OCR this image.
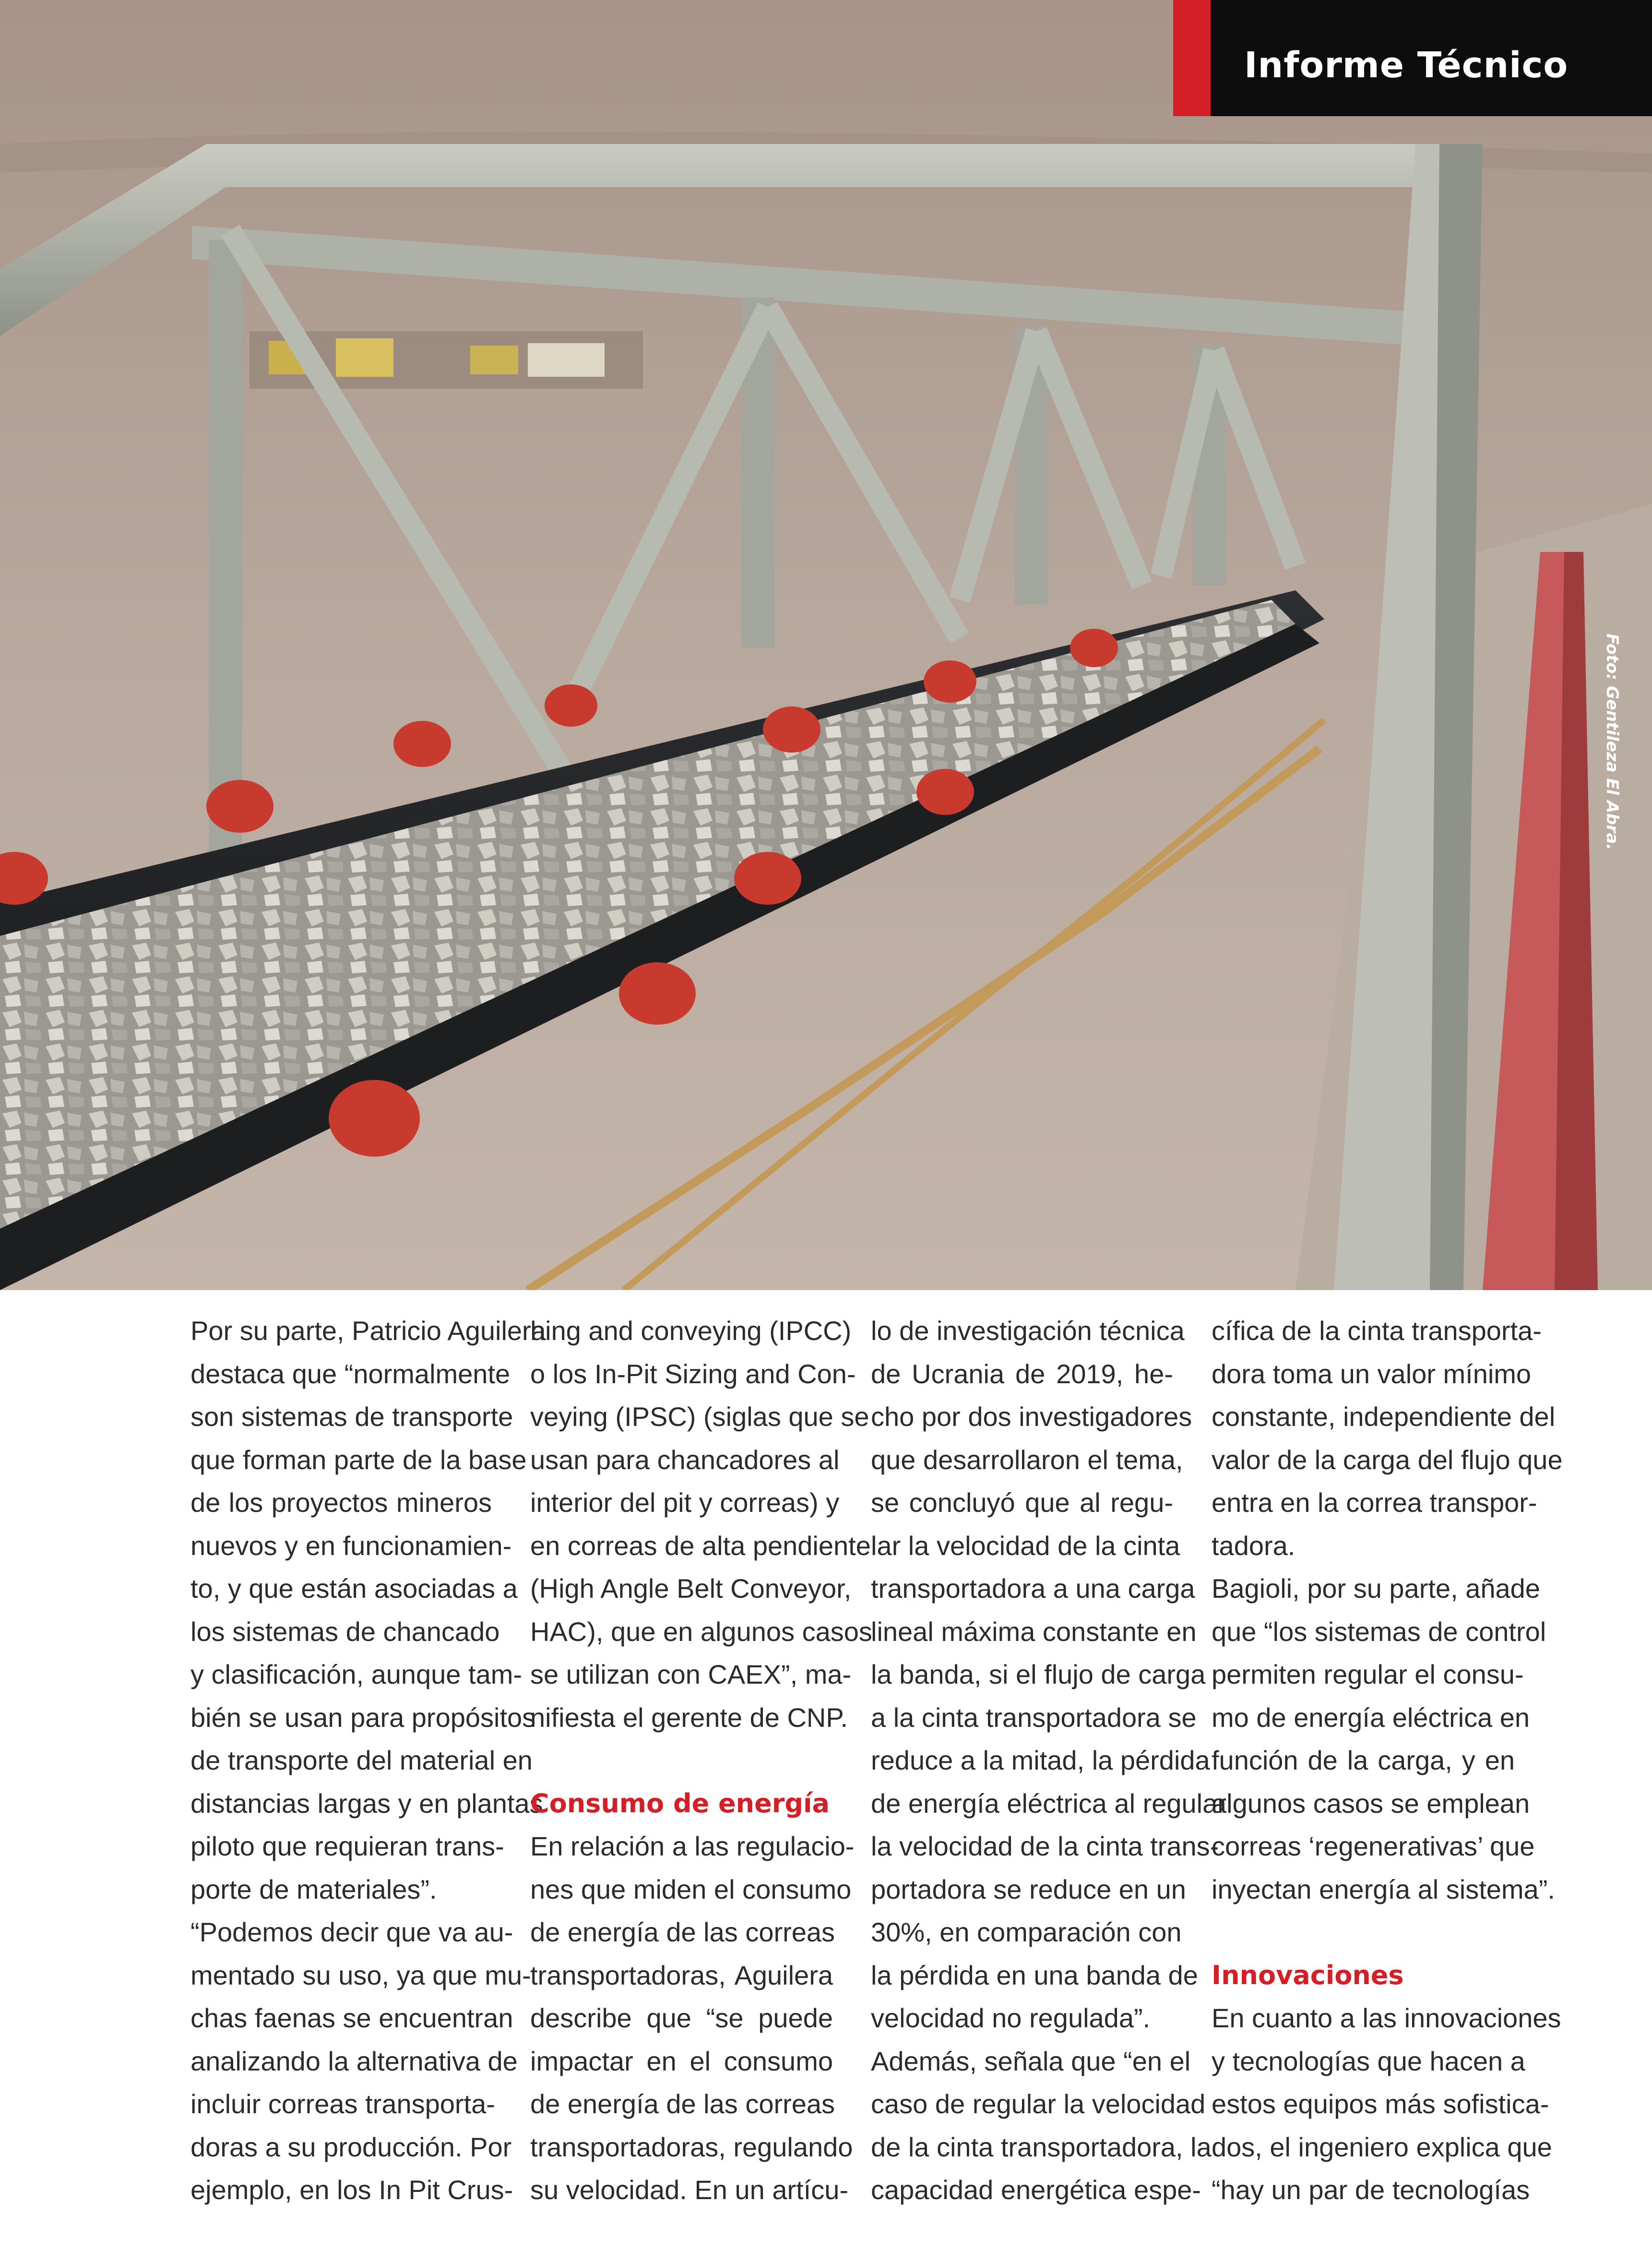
Informe Técnico
Foto: Gentileza El Abra.

Por su parte, Patricio Aguilera

destaca que “normalmente

son sistemas de transporte

que forman parte de la base

de los proyectos mineros

nuevos y en funcionamien-

to, y que están asociadas a

los sistemas de chancado

y clasificación, aunque tam-

bién se usan para propósitos

de transporte del material en

distancias largas y en plantas

piloto que requieran trans-

porte de materiales”.

“Podemos decir que va au-

mentado su uso, ya que mu-

chas faenas se encuentran

analizando la alternativa de

incluir correas transporta-

doras a su producción. Por

ejemplo, en los In Pit Crus-

hing and conveying (IPCC)

o los In-Pit Sizing and Con-

veying (IPSC) (siglas que se

usan para chancadores al

interior del pit y correas) y

en correas de alta pendiente

(High Angle Belt Conveyor,

HAC), que en algunos casos

se utilizan con CAEX”, ma-

nifiesta el gerente de CNP.

Consumo de energía

En relación a las regulacio-

nes que miden el consumo

de energía de las correas

transportadoras, Aguilera

describe que “se puede

impactar en el consumo

de energía de las correas

transportadoras, regulando

su velocidad. En un artícu-

lo de investigación técnica

de Ucrania de 2019, he-

cho por dos investigadores

que desarrollaron el tema,

se concluyó que al regu-

lar la velocidad de la cinta

transportadora a una carga

lineal máxima constante en

la banda, si el flujo de carga

a la cinta transportadora se

reduce a la mitad, la pérdida

de energía eléctrica al regular

la velocidad de la cinta trans-

portadora se reduce en un

30%, en comparación con

la pérdida en una banda de

velocidad no regulada”.

Además, señala que “en el

caso de regular la velocidad

de la cinta transportadora, la

capacidad energética espe-

cífica de la cinta transporta-

dora toma un valor mínimo

constante, independiente del

valor de la carga del flujo que

entra en la correa transpor-

tadora.

Bagioli, por su parte, añade

que “los sistemas de control

permiten regular el consu-

mo de energía eléctrica en

función de la carga, y en

algunos casos se emplean

correas ‘regenerativas’ que

inyectan energía al sistema”.

Innovaciones

En cuanto a las innovaciones

y tecnologías que hacen a

estos equipos más sofistica-

dos, el ingeniero explica que

“hay un par de tecnologías
